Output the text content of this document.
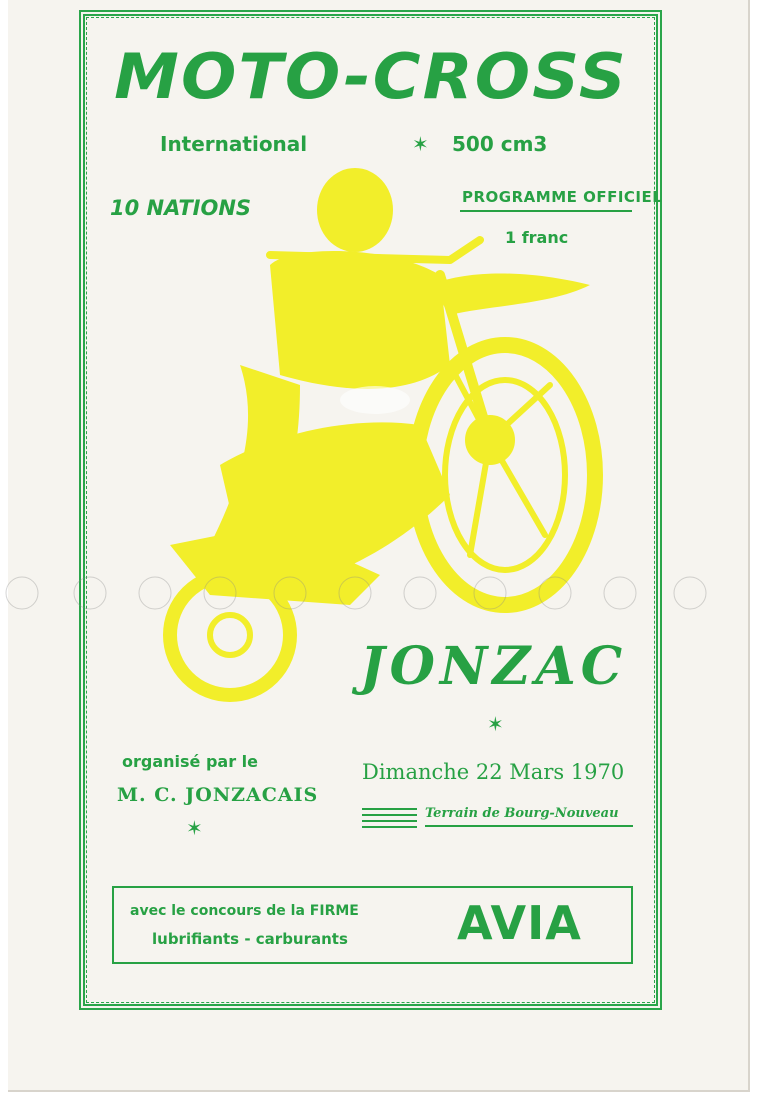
MOTO-CROSS
International	✶ 500 cm3
10 NATIONS	PROGRAMME OFFICIEL
1 franc
JONZAC
✶
organisé par le
M. C. JONZACAIS
✶
Dimanche 22 Mars 1970
Terrain de Bourg-Nouveau
avec le concours de la FIRME
lubrifiants - carburants AVIA
